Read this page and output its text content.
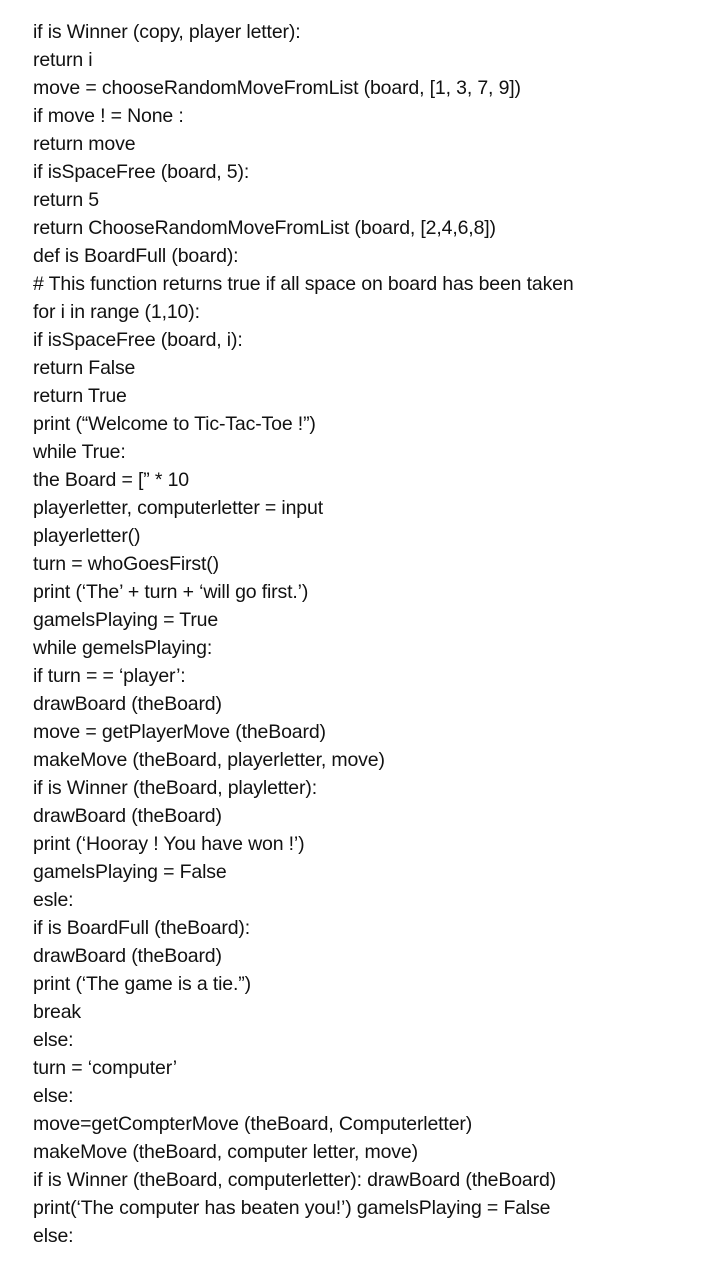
if is Winner (copy, player letter):
return i
move = chooseRandomMoveFromList (board, [1, 3, 7, 9])
if move ! = None :
return move
if isSpaceFree (board, 5):
return 5
return ChooseRandomMoveFromList (board, [2,4,6,8])
def is BoardFull (board):
# This function returns true if all space on board has been taken
for i in range (1,10):
if isSpaceFree (board, i):
return False
return True
print (“Welcome to Tic-Tac-Toe !”)
while True:
the Board = [” * 10
playerletter, computerletter = input
playerletter()
turn = whoGoesFirst()
print (‘The’ + turn + ‘will go first.’)
gamelsPlaying = True
while gemelsPlaying:
if turn = = ‘player’:
drawBoard (theBoard)
move = getPlayerMove (theBoard)
makeMove (theBoard, playerletter, move)
if is Winner (theBoard, playletter):
drawBoard (theBoard)
print (‘Hooray ! You have won !’)
gamelsPlaying = False
esle:
if is BoardFull (theBoard):
drawBoard (theBoard)
print (‘The game is a tie.”)
break
else:
turn = ‘computer’
else:
move=getCompterMove (theBoard, Computerletter)
makeMove (theBoard, computer letter, move)
if is Winner (theBoard, computerletter): drawBoard (theBoard)
print(‘The computer has beaten you!’) gamelsPlaying = False
else:
